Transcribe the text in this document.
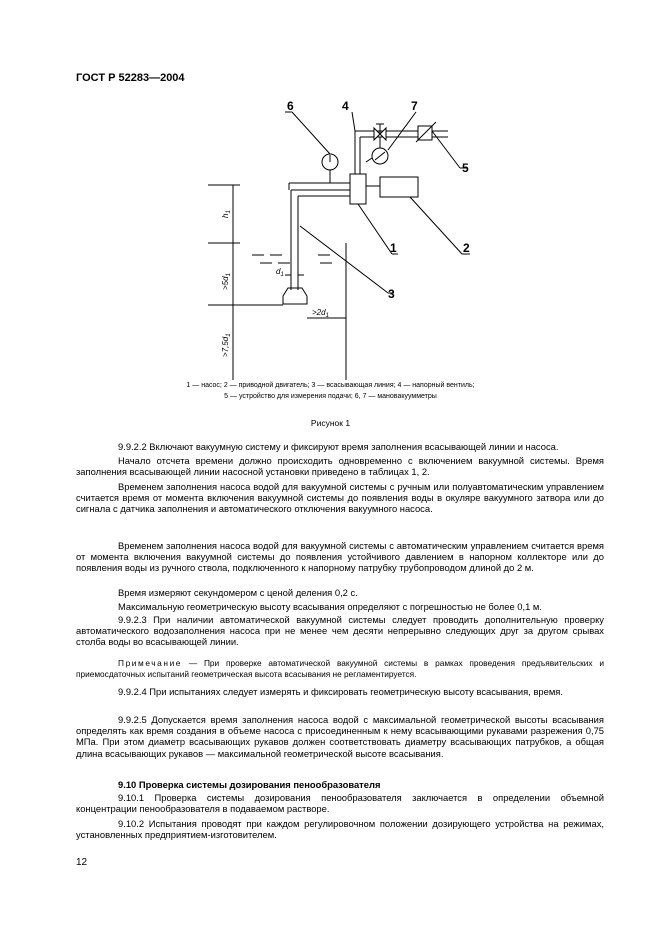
ГОСТ Р 52283—2004
6	4	7
5
1	2
3
$h_1$
$>5d_1$
$>7,5d_1$
$d_1$
$>2d_1$
1 — насос; 2 — приводной двигатель; 3 — всасывающая линия; 4 — напорный вентиль;
5 — устройство для измерения подачи; 6, 7 — мановакуумметры
Рисунок 1

9.9.2.2 Включают вакуумную систему и фиксируют время заполнения всасывающей линии и насоса.

Начало отсчета времени должно происходить одновременно с включением вакуумной системы. Время заполнения всасывающей линии насосной установки приведено в таблицах 1, 2.

Временем заполнения насоса водой для вакуумной системы с ручным или полуавтоматическим управлением считается время от момента включения вакуумной системы до появления воды в окуляре вакуумного затвора или до сигнала с датчика заполнения и автоматического отключения вакуумного насоса.

Временем заполнения насоса водой для вакуумной системы с автоматическим управлением считается время от момента включения вакуумной системы до появления устойчивого давлением в напорном коллекторе или до появления воды из ручного ствола, подключенного к напорному патрубку трубопроводом длиной до 2 м.

Время измеряют секундомером с ценой деления 0,2 с.

Максимальную геометрическую высоту всасывания определяют с погрешностью не более 0,1 м.

9.9.2.3 При наличии автоматической вакуумной системы следует проводить дополнительную проверку автоматического водозаполнения насоса при не менее чем десяти непрерывно следующих друг за другом срывах столба воды во всасывающей линии.

Примечание — При проверке автоматической вакуумной системы в рамках проведения предъявительских и приемосдаточных испытаний геометрическая высота всасывания не регламентируется.

9.9.2.4 При испытаниях следует измерять и фиксировать геометрическую высоту всасывания, время.

9.9.2.5 Допускается время заполнения насоса водой с максимальной геометрической высоты всасывания определять как время создания в объеме насоса с присоединенным к нему всасывающими рукавами разрежения 0,75 МПа. При этом диаметр всасывающих рукавов должен соответствовать диаметру всасывающих патрубков, а общая длина всасывающих рукавов — максимальной геометрической высоте всасывания.

9.10 Проверка системы дозирования пенообразователя

9.10.1 Проверка системы дозирования пенообразователя заключается в определении объемной концентрации пенообразователя в подаваемом растворе.

9.10.2 Испытания проводят при каждом регулировочном положении дозирующего устройства на режимах, установленных предприятием-изготовителем.

12
